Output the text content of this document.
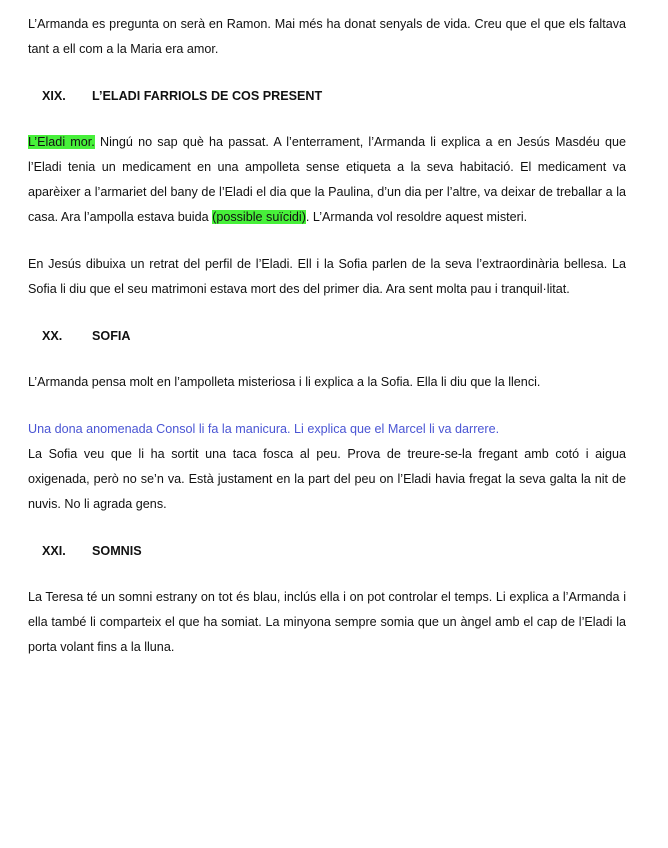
L’Armanda es pregunta on serà en Ramon. Mai més ha donat senyals de vida. Creu que el que els faltava tant a ell com a la Maria era amor.

XIX.	L’ELADI FARRIOLS DE COS PRESENT

L’Eladi mor. Ningú no sap què ha passat. A l’enterrament, l’Armanda li explica a en Jesús Masdéu que l’Eladi tenia un medicament en una ampolleta sense etiqueta a la seva habitació. El medicament va aparèixer a l’armariet del bany de l’Eladi el dia que la Paulina, d’un dia per l’altre, va deixar de treballar a la casa. Ara l’ampolla estava buida (possible suïcidi). L’Armanda vol resoldre aquest misteri.

En Jesús dibuixa un retrat del perfil de l’Eladi. Ell i la Sofia parlen de la seva l’extraordinària bellesa. La Sofia li diu que el seu matrimoni estava mort des del primer dia. Ara sent molta pau i tranquil·litat.

XX.	SOFIA

L’Armanda pensa molt en l’ampolleta misteriosa i li explica a la Sofia. Ella li diu que la llenci.

Una dona anomenada Consol li fa la manicura. Li explica que el Marcel li va darrere.

La Sofia veu que li ha sortit una taca fosca al peu. Prova de treure-se-la fregant amb cotó i aigua oxigenada, però no se’n va. Està justament en la part del peu on l’Eladi havia fregat la seva galta la nit de nuvis. No li agrada gens.

XXI.	SOMNIS

La Teresa té un somni estrany on tot és blau, inclús ella i on pot controlar el temps. Li explica a l’Armanda i ella també li comparteix el que ha somiat. La minyona sempre somia que un àngel amb el cap de l’Eladi la porta volant fins a la lluna.
